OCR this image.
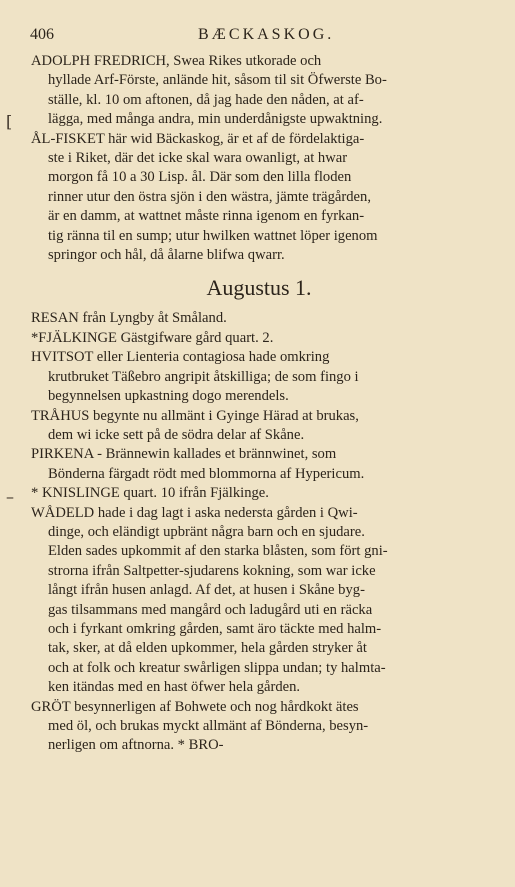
406	BÆCKASKOG.
[
–
ADOLPH FREDRICH, Swea Rikes utkorade och
hyllade Arf-Förste, anlände hit, såsom til sit Öfwerste Bo-
ställe, kl. 10 om aftonen, då jag hade den nåden, at af-
lägga, med många andra, min underdånigste upwaktning.
ÅL-FISKET här wid Bäckaskog, är et af de fördelaktiga-
ste i Riket, där det icke skal wara owanligt, at hwar
morgon få 10 a 30 Lisp. ål. Där som den lilla floden
rinner utur den östra sjön i den wästra, jämte trägården,
är en damm, at wattnet måste rinna igenom en fyrkan-
tig ränna til en sump; utur hwilken wattnet löper igenom
springor och hål, då ålarne blifwa qwarr.
Augustus 1.
RESAN från Lyngby åt Småland.
*FJÄLKINGE Gästgifware gård quart. 2.
HVITSOT eller Lienteria contagiosa hade omkring
krutbruket Täßebro angripit åtskilliga; de som fingo i
begynnelsen upkastning dogo merendels.
TRÅHUS begynte nu allmänt i Gyinge Härad at brukas,
dem wi icke sett på de södra delar af Skåne.
PIRKENA - Brännewin kallades et brännwinet, som
Bönderna färgadt rödt med blommorna af Hypericum.
* KNISLINGE quart. 10 ifrån Fjälkinge.
WÅDELD hade i dag lagt i aska nedersta gården i Qwi-
dinge, och eländigt upbränt några barn och en sjudare.
Elden sades upkommit af den starka blåsten, som fört gni-
strorna ifrån Saltpetter-sjudarens kokning, som war icke
långt ifrån husen anlagd. Af det, at husen i Skåne byg-
gas tilsammans med mangård och ladugård uti en räcka
och i fyrkant omkring gården, samt äro täckte med halm-
tak, sker, at då elden upkommer, hela gården stryker åt
och at folk och kreatur swårligen slippa undan; ty halmta-
ken itändas med en hast öfwer hela gården.
GRÖT besynnerligen af Bohwete och nog hårdkokt ätes
med öl, och brukas myckt allmänt af Bönderna, besyn-
nerligen om aftnorna. * BRO-
